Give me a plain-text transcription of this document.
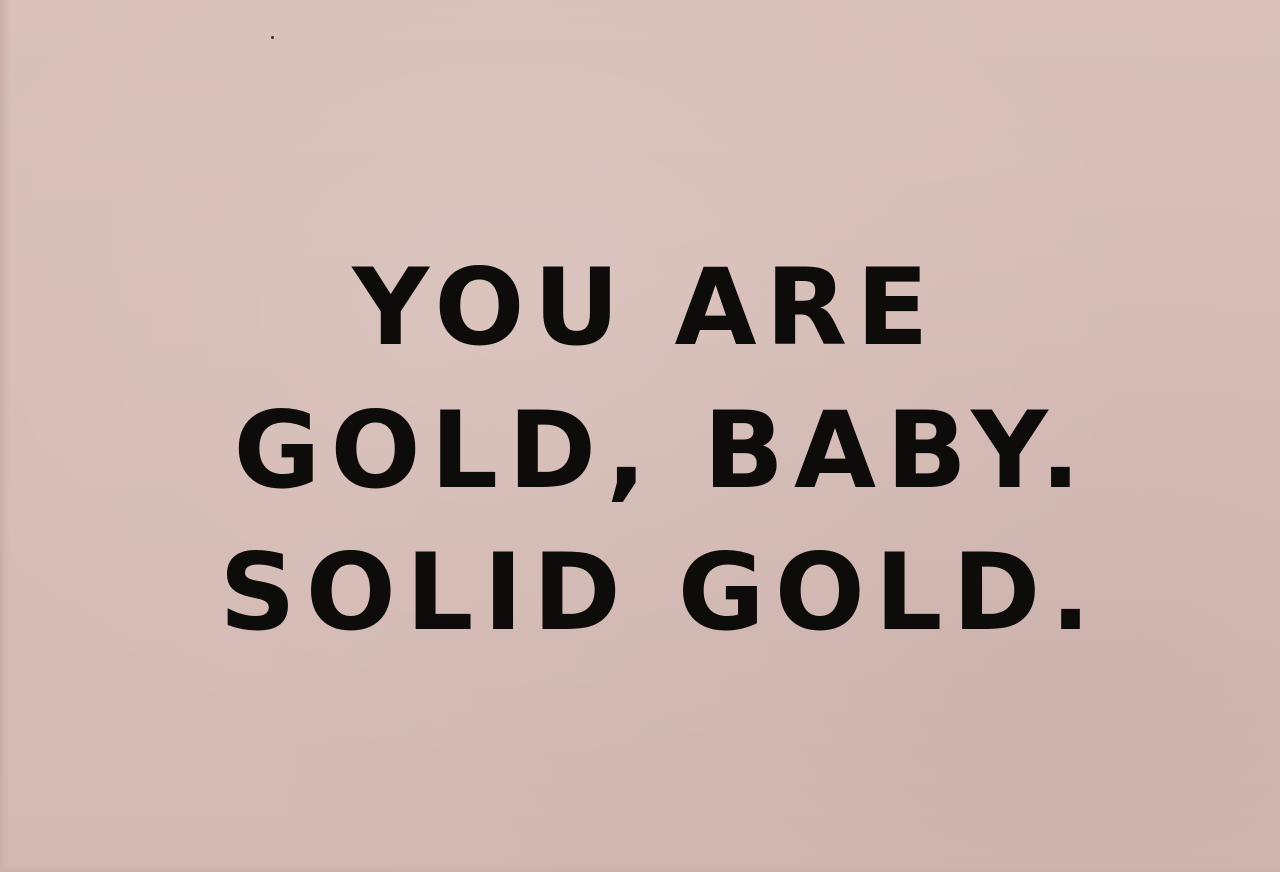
YOU ARE
GOLD, BABY.
SOLID GOLD.
